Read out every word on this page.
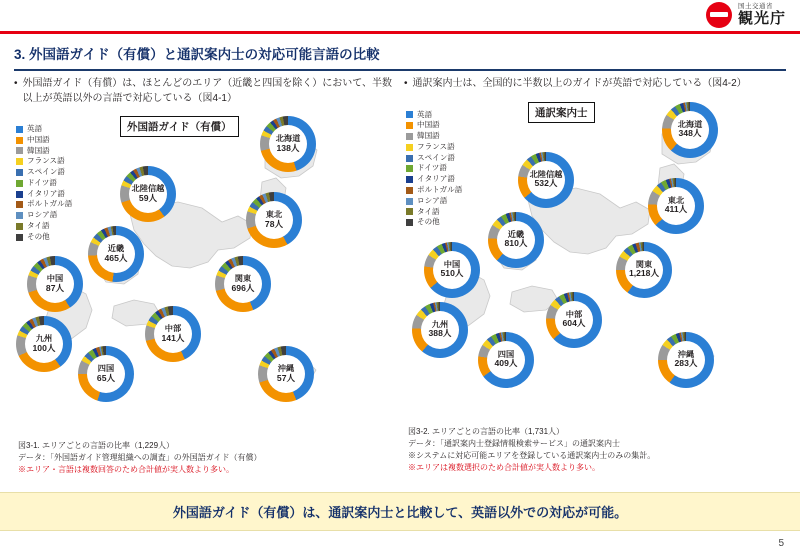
国土交通省
観光庁
3. 外国語ガイド（有償）と通訳案内士の対応可能言語の比較
• 外国語ガイド（有償）は、ほとんどのエリア（近畿と四国を除く）において、半数以上が英語以外の言語で対応している（図4-1）
英語
中国語
韓国語
フランス語
スペイン語
ドイツ語
イタリア語
ポルトガル語
ロシア語
タイ語
その他
外国語ガイド（有償）
北海道
138人
東北
78人
北陸信越
59人
関東
696人
中部
141人
近畿
465人
中国
87人
四国
65人
九州
100人
沖縄
57人
図3-1. エリアごとの言語の比率（1,229人）
データ：「外国語ガイド管理組織への調査」の外国語ガイド（有償）
※エリア・言語は複数回答のため合計値が実人数より多い。
• 通訳案内士は、全国的に半数以上のガイドが英語で対応している（図4-2）
英語
中国語
韓国語
フランス語
スペイン語
ドイツ語
イタリア語
ポルトガル語
ロシア語
タイ語
その他
通訳案内士
北海道
348人
東北
411人
北陸信越
532人
関東
1,218人
中部
604人
近畿
810人
中国
510人
四国
409人
九州
388人
沖縄
283人
図3-2. エリアごとの言語の比率（1,731人）
データ：「通訳案内士登録情報検索サービス」の通訳案内士
※システムに対応可能エリアを登録している通訳案内士のみの集計。
※エリアは複数選択のため合計値が実人数より多い。
外国語ガイド（有償）は、通訳案内士と比較して、英語以外での対応が可能。
5
